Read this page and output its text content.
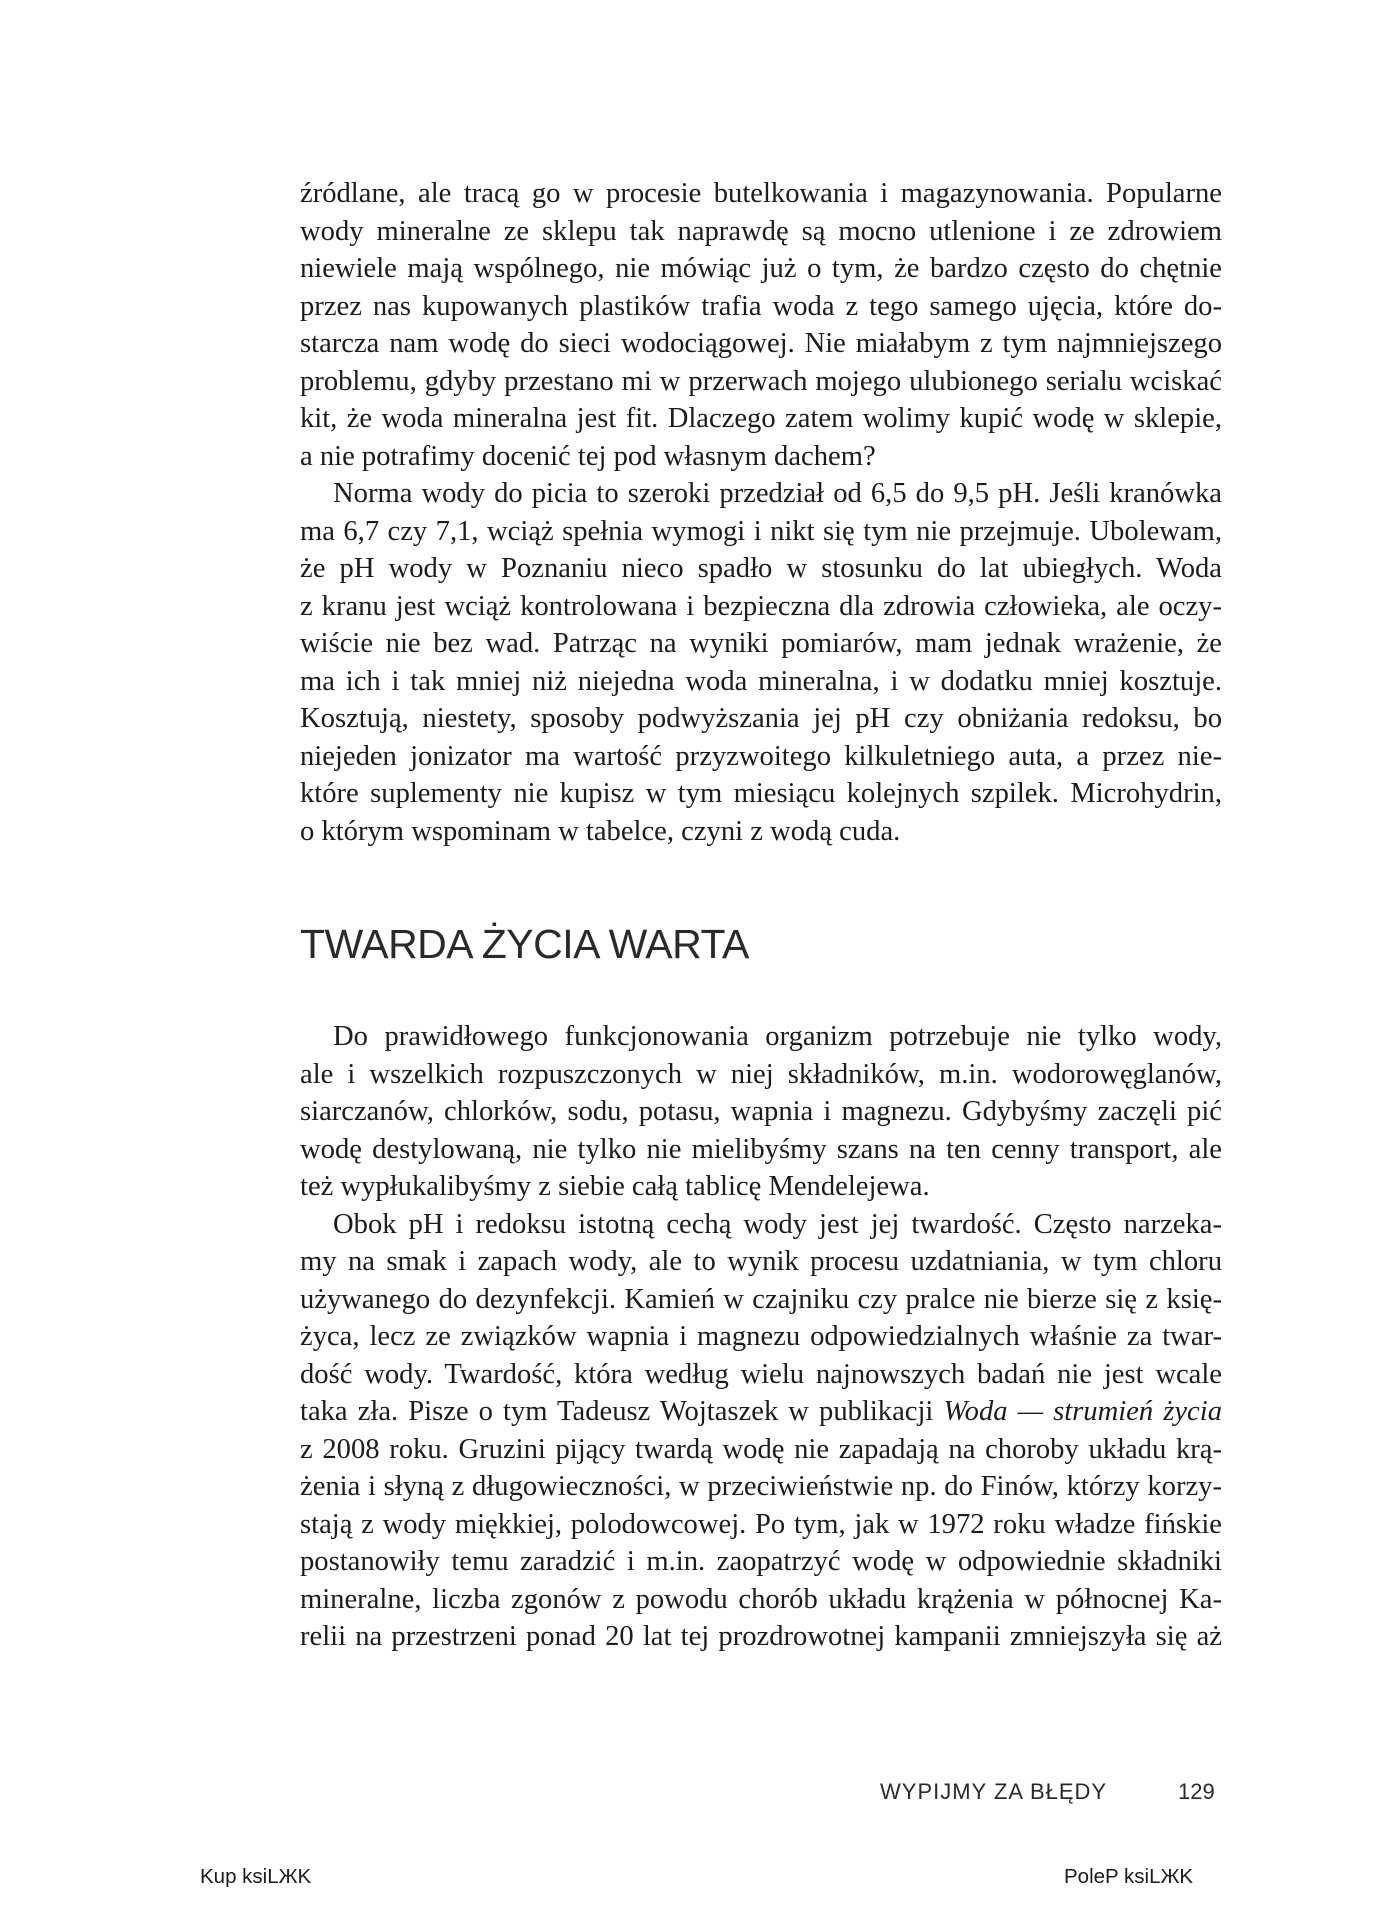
źródlane, ale tracą go w procesie butelkowania i magazynowania. Popularne
wody mineralne ze sklepu tak naprawdę są mocno utlenione i ze zdrowiem
niewiele mają wspólnego, nie mówiąc już o tym, że bardzo często do chętnie
przez nas kupowanych plastików trafia woda z tego samego ujęcia, które do-
starcza nam wodę do sieci wodociągowej. Nie miałabym z tym najmniejszego
problemu, gdyby przestano mi w przerwach mojego ulubionego serialu wciskać
kit, że woda mineralna jest fit. Dlaczego zatem wolimy kupić wodę w sklepie,
a nie potrafimy docenić tej pod własnym dachem?
Norma wody do picia to szeroki przedział od 6,5 do 9,5 pH. Jeśli kranówka
ma 6,7 czy 7,1, wciąż spełnia wymogi i nikt się tym nie przejmuje. Ubolewam,
że pH wody w Poznaniu nieco spadło w stosunku do lat ubiegłych. Woda
z kranu jest wciąż kontrolowana i bezpieczna dla zdrowia człowieka, ale oczy-
wiście nie bez wad. Patrząc na wyniki pomiarów, mam jednak wrażenie, że
ma ich i tak mniej niż niejedna woda mineralna, i w dodatku mniej kosztuje.
Kosztują, niestety, sposoby podwyższania jej pH czy obniżania redoksu, bo
niejeden jonizator ma wartość przyzwoitego kilkuletniego auta, a przez nie-
które suplementy nie kupisz w tym miesiącu kolejnych szpilek. Microhydrin,
o którym wspominam w tabelce, czyni z wodą cuda.
TWARDA ŻYCIA WARTA
Do prawidłowego funkcjonowania organizm potrzebuje nie tylko wody,
ale i wszelkich rozpuszczonych w niej składników, m.in. wodorowęglanów,
siarczanów, chlorków, sodu, potasu, wapnia i magnezu. Gdybyśmy zaczęli pić
wodę destylowaną, nie tylko nie mielibyśmy szans na ten cenny transport, ale
też wypłukalibyśmy z siebie całą tablicę Mendelejewa.
Obok pH i redoksu istotną cechą wody jest jej twardość. Często narzeka-
my na smak i zapach wody, ale to wynik procesu uzdatniania, w tym chloru
używanego do dezynfekcji. Kamień w czajniku czy pralce nie bierze się z księ-
życa, lecz ze związków wapnia i magnezu odpowiedzialnych właśnie za twar-
dość wody. Twardość, która według wielu najnowszych badań nie jest wcale
taka zła. Pisze o tym Tadeusz Wojtaszek w publikacji Woda — strumień życia
z 2008 roku. Gruzini pijący twardą wodę nie zapadają na choroby układu krą-
żenia i słyną z długowieczności, w przeciwieństwie np. do Finów, którzy korzy-
stają z wody miękkiej, polodowcowej. Po tym, jak w 1972 roku władze fińskie
postanowiły temu zaradzić i m.in. zaopatrzyć wodę w odpowiednie składniki
mineralne, liczba zgonów z powodu chorób układu krążenia w północnej Ka-
relii na przestrzeni ponad 20 lat tej prozdrowotnej kampanii zmniejszyła się aż
WYPIJMY ZA BŁĘDY	129
Kup ksiLЖK	PoleP ksiLЖK
